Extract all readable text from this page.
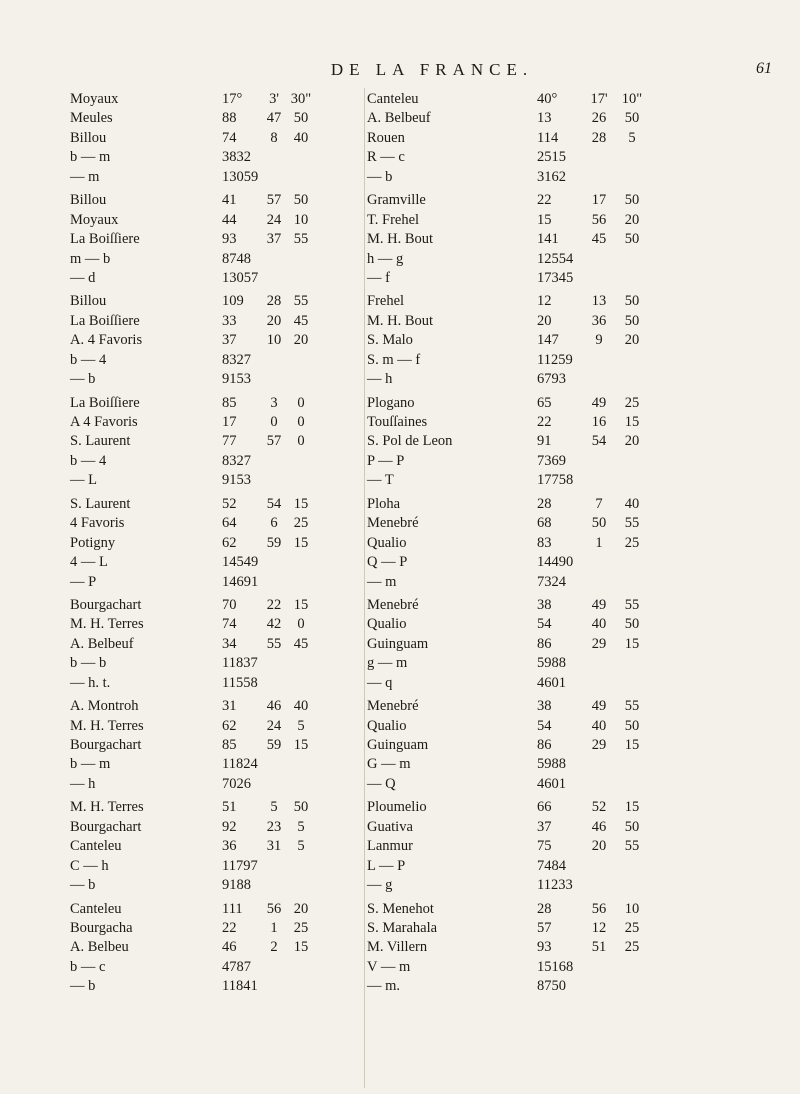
DE LA FRANCE.	61
Moyaux	17°	3' 30"
Meules	88	47 50
Billou	74	8	40
b — m	3832
— m	13059
Billou	41	57 50
Moyaux	44	24 10
La Boiſſiere	93	37 55
m — b	8748
— d	13057
Billou	109	28 55
La Boiſſiere	33	20 45
A. 4 Favoris	37	10 20
b — 4	8327
— b	9153
La Boiſſiere	85	3	0
A 4 Favoris	17	0	0
S. Laurent	77	57	0
b — 4	8327
— L	9153
S. Laurent	52	54 15
4 Favoris	64	6	25
Potigny	62	59 15
4 — L	14549
— P	14691
Bourgachart	70	22 15
M. H. Terres	74	42	0
A. Belbeuf	34	55 45
b — b	11837
— h. t.	11558
A. Montroh	31	46 40
M. H. Terres	62	24	5
Bourgachart	85	59 15
b — m	11824
— h	7026
M. H. Terres	51	5	50
Bourgachart	92	23	5
Canteleu	36	31	5
C — h	11797
— b	9188
Canteleu	111	56 20
Bourgacha	22	1	25
A. Belbeu	46	2	15
b — c	4787
— b	11841
Canteleu	40°	17' 10"
A. Belbeuf	13	26	50
Rouen	114	28	5
R — c	2515
— b	3162
Gramville	22	17	50
T. Frehel	15	56	20
M. H. Bout	141	45	50
h — g	12554
— f	17345
Frehel	12	13	50
M. H. Bout	20	36	50
S. Malo	147	9	20
S. m — f	11259
— h	6793
Plogano	65	49	25
Touſſaines	22	16	15
S. Pol de Leon	91	54	20
P — P	7369
— T	17758
Ploha	28	7	40
Menebré	68	50	55
Qualio	83	1	25
Q — P	14490
— m	7324
Menebré	38	49	55
Qualio	54	40	50
Guinguam	86	29	15
g — m	5988
— q	4601
Menebré	38	49	55
Qualio	54	40	50
Guinguam	86	29	15
G — m	5988
— Q	4601
Ploumelio	66	52	15
Guativa	37	46	50
Lanmur	75	20	55
L — P	7484
— g	11233
S. Menehot	28	56	10
S. Marahala	57	12	25
M. Villern	93	51	25
V — m	15168
— m.	8750
